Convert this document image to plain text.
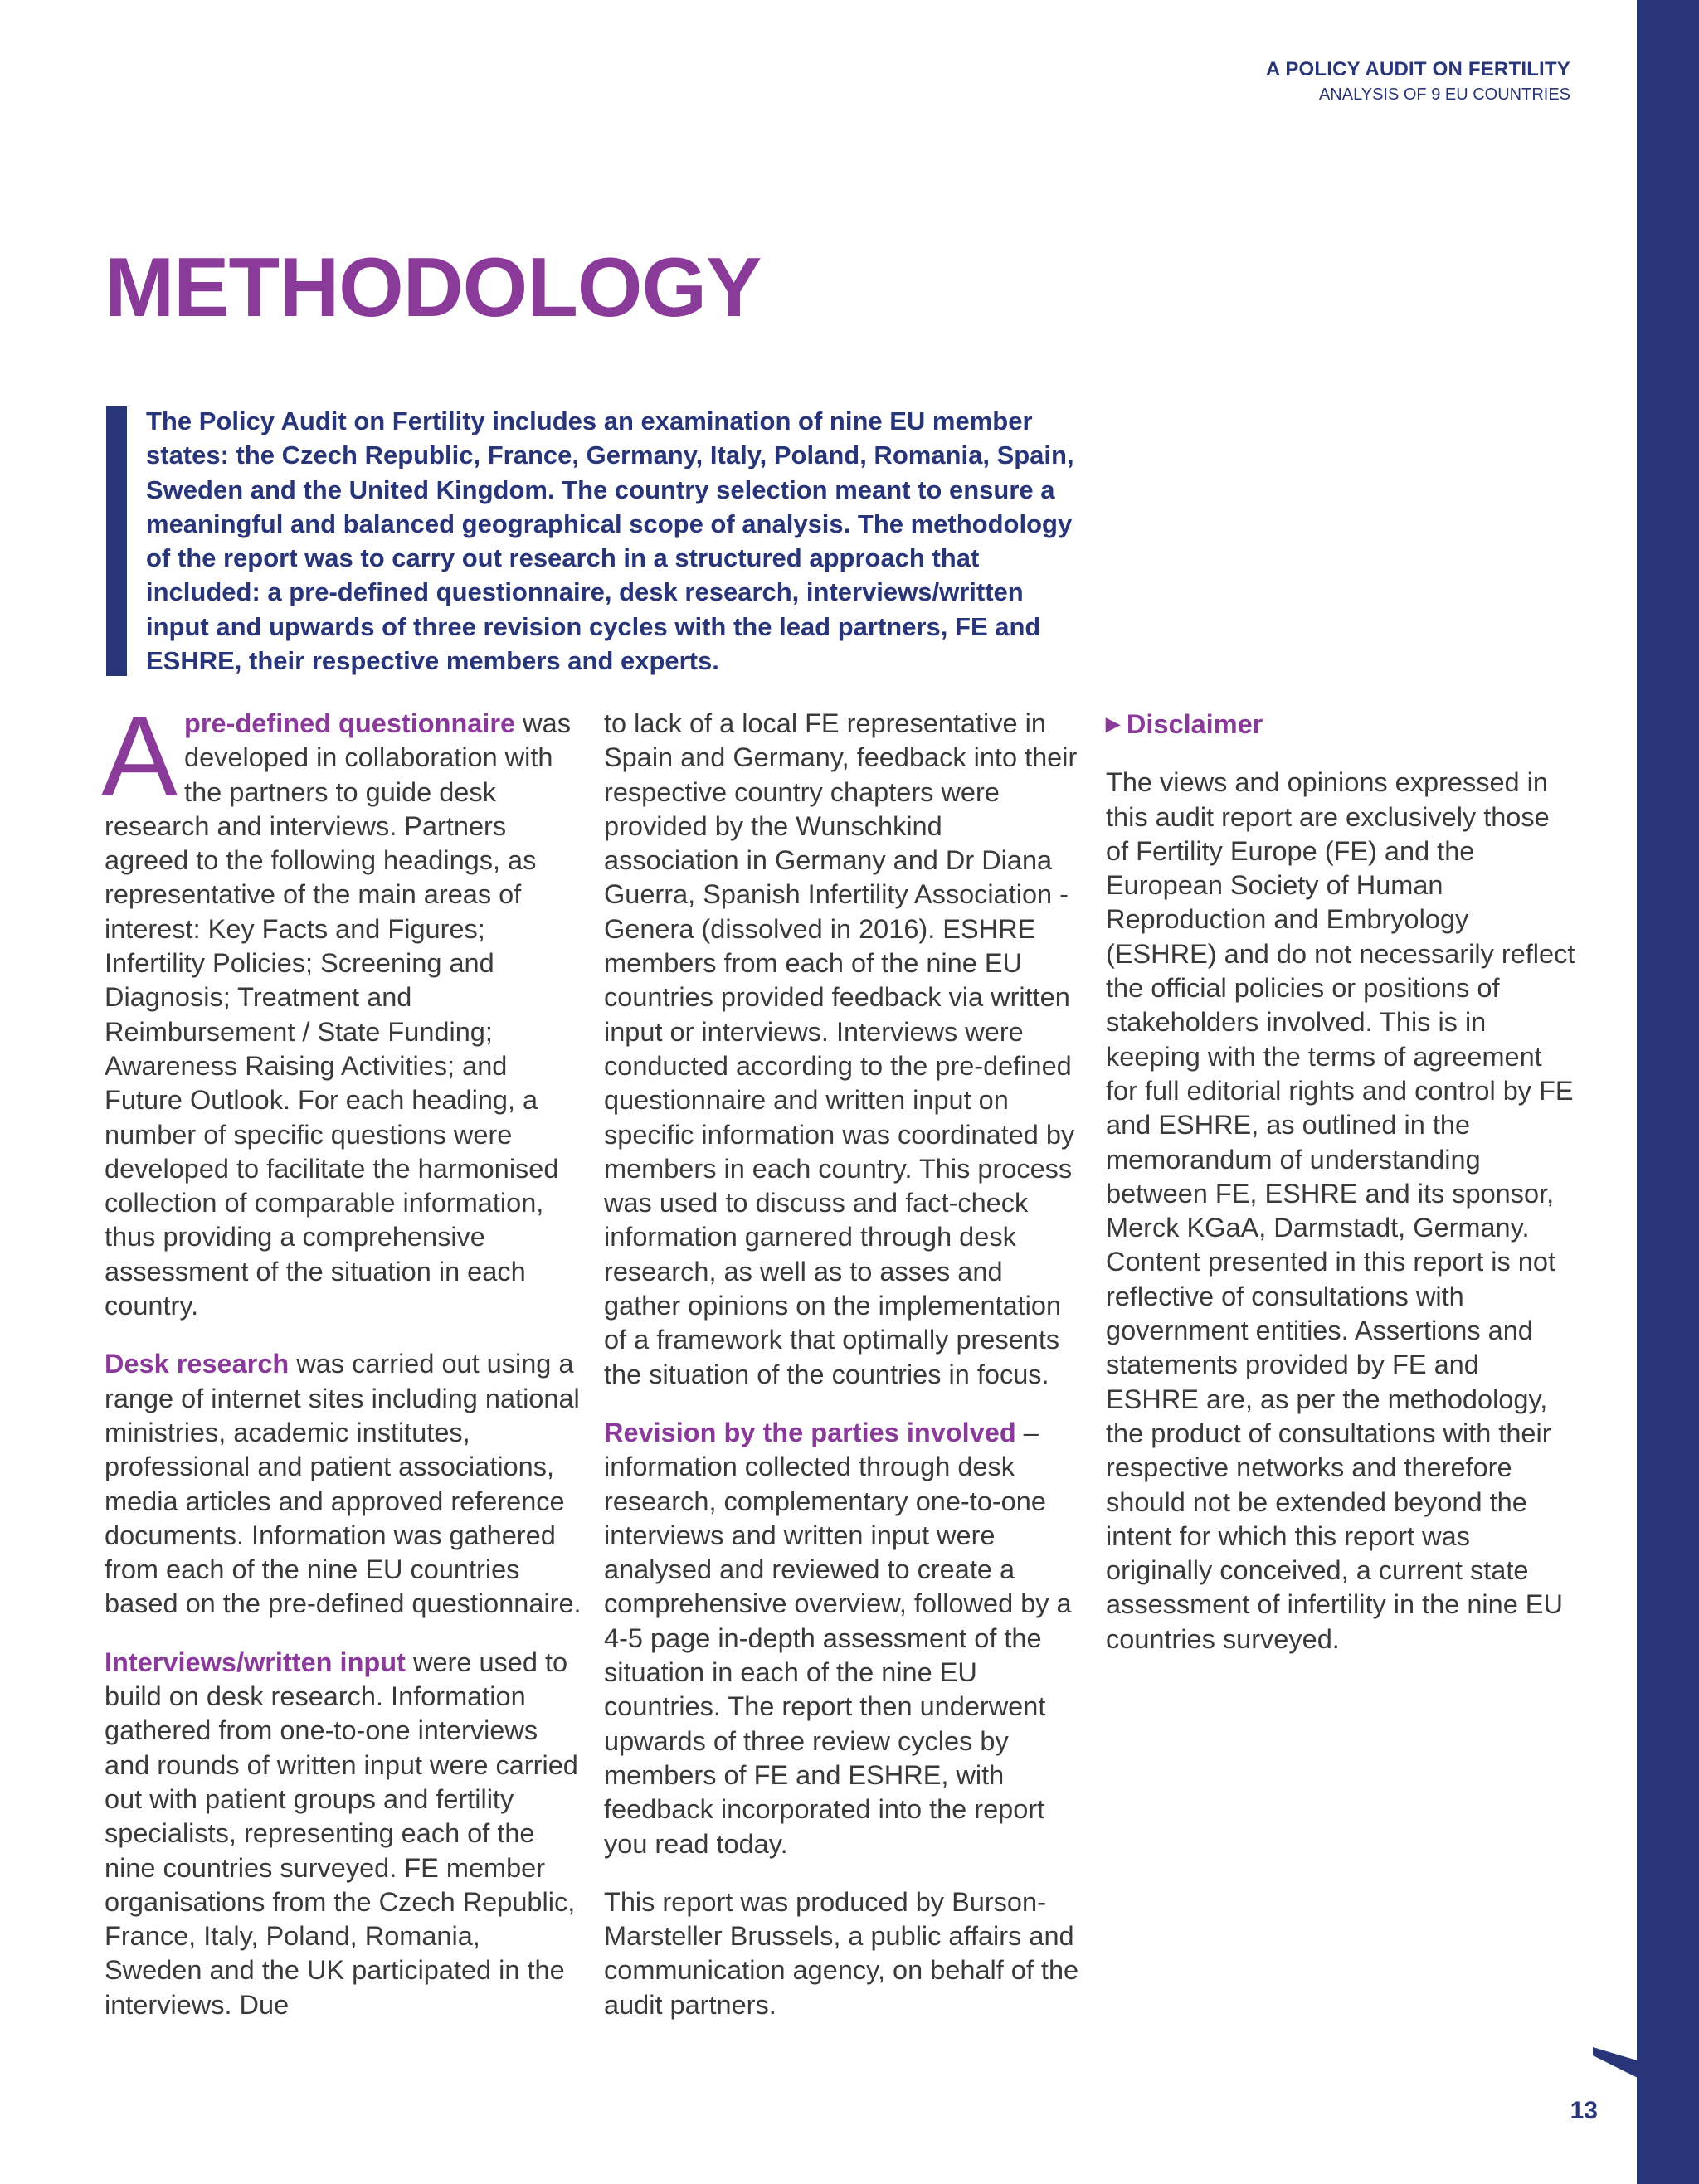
A POLICY AUDIT ON FERTILITY
ANALYSIS OF 9 EU COUNTRIES
METHODOLOGY

The Policy Audit on Fertility includes an examination of nine EU member states: the Czech Republic, France, Germany, Italy, Poland, Romania, Spain, Sweden and the United Kingdom. The country selection meant to ensure a meaningful and balanced geographical scope of analysis. The methodology of the report was to carry out research in a structured approach that included: a pre-defined questionnaire, desk research, interviews/written input and upwards of three revision cycles with the lead partners, FE and ESHRE, their respective members and experts.

Apre-defined questionnaire was developed in collaboration with the partners to guide desk research and interviews. Partners agreed to the following headings, as representative of the main areas of interest: Key Facts and Figures; Infertility Policies; Screening and Diagnosis; Treatment and Reimbursement / State Funding; Awareness Raising Activities; and Future Outlook. For each heading, a number of specific questions were developed to facilitate the harmonised collection of comparable information, thus providing a comprehensive assessment of the situation in each country.

Desk research was carried out using a range of internet sites including national ministries, academic institutes, professional and patient associations, media articles and approved reference documents. Information was gathered from each of the nine EU countries based on the pre-defined questionnaire.

Interviews/written input were used to build on desk research. Information gathered from one-to-one interviews and rounds of written input were carried out with patient groups and fertility specialists, representing each of the nine countries surveyed. FE member organisations from the Czech Republic, France, Italy, Poland, Romania, Sweden and the UK participated in the interviews. Due

to lack of a local FE representative in Spain and Germany, feedback into their respective country chapters were provided by the Wunschkind association in Germany and Dr Diana Guerra, Spanish Infertility Association - Genera (dissolved in 2016). ESHRE members from each of the nine EU countries provided feedback via written input or interviews. Interviews were conducted according to the pre-defined questionnaire and written input on specific information was coordinated by members in each country. This process was used to discuss and fact-check information garnered through desk research, as well as to asses and gather opinions on the implementation of a framework that optimally presents the situation of the countries in focus.

Revision by the parties involved – information collected through desk research, complementary one-to-one interviews and written input were analysed and reviewed to create a comprehensive overview, followed by a 4-5 page in-depth assessment of the situation in each of the nine EU countries. The report then underwent upwards of three review cycles by members of FE and ESHRE, with feedback incorporated into the report you read today.

This report was produced by Burson-Marsteller Brussels, a public affairs and communication agency, on behalf of the audit partners.

▶ Disclaimer

The views and opinions expressed in this audit report are exclusively those of Fertility Europe (FE) and the European Society of Human Reproduction and Embryology (ESHRE) and do not necessarily reflect the official policies or positions of stakeholders involved. This is in keeping with the terms of agreement for full editorial rights and control by FE and ESHRE, as outlined in the memorandum of understanding between FE, ESHRE and its sponsor, Merck KGaA, Darmstadt, Germany. Content presented in this report is not reflective of consultations with government entities. Assertions and statements provided by FE and ESHRE are, as per the methodology, the product of consultations with their respective networks and therefore should not be extended beyond the intent for which this report was originally conceived, a current state assessment of infertility in the nine EU countries surveyed.

13
